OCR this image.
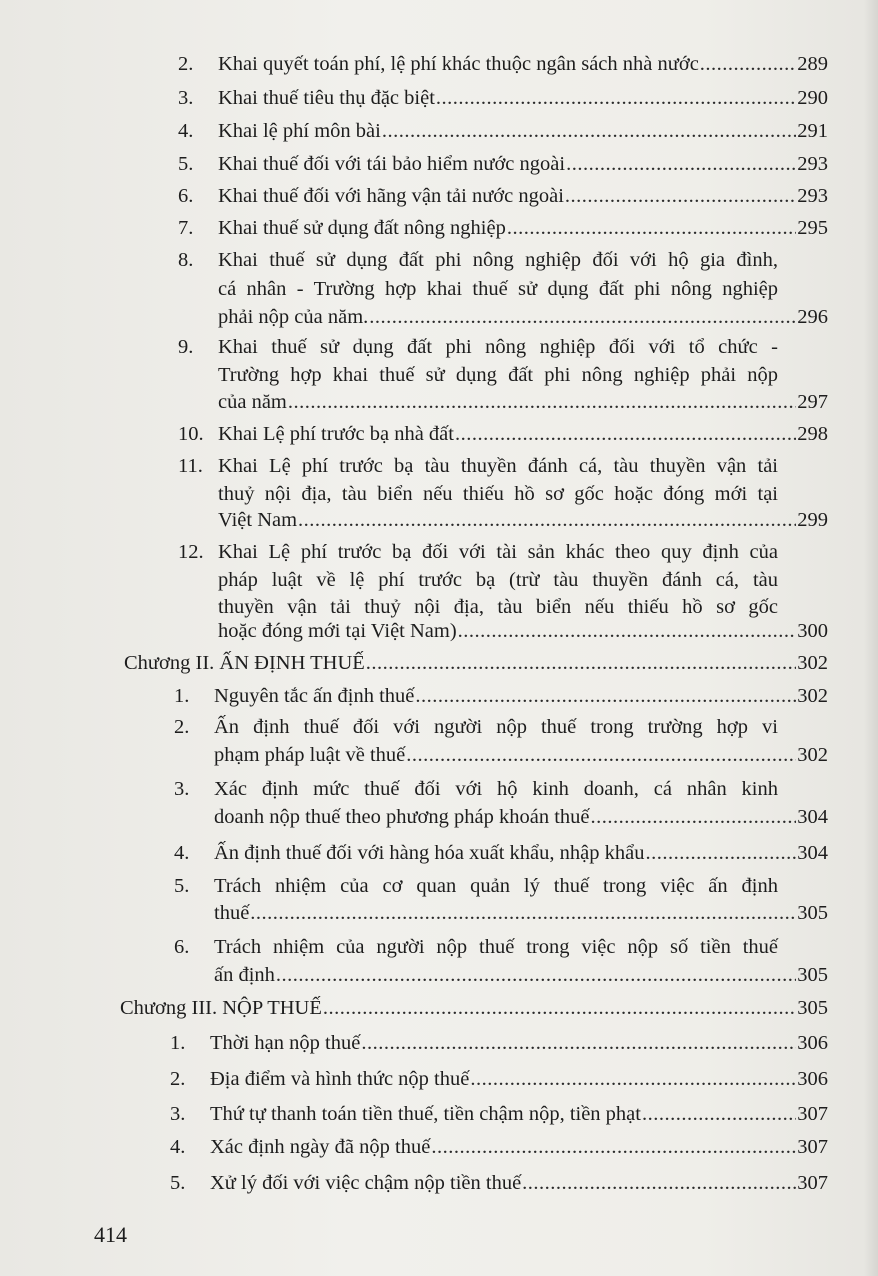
2.	Khai quyết toán phí, lệ phí khác thuộc ngân sách nhà nước .....	289
3.	Khai thuế tiêu thụ đặc biệt .....	290
4.	Khai lệ phí môn bài .....	291
5.	Khai thuế đối với tái bảo hiểm nước ngoài .....	293
6.	Khai thuế đối với hãng vận tải nước ngoài .....	293
7.	Khai thuế sử dụng đất nông nghiệp .....	295
8. Khai thuế sử dụng đất phi nông nghiệp đối với hộ gia đình,
cá nhân - Trường hợp khai thuế sử dụng đất phi nông nghiệp
phải nộp của năm. .....	296
9. Khai thuế sử dụng đất phi nông nghiệp đối với tổ chức -
Trường hợp khai thuế sử dụng đất phi nông nghiệp phải nộp
của năm .....	297
10. Khai Lệ phí trước bạ nhà đất .....	298
11. Khai Lệ phí trước bạ tàu thuyền đánh cá, tàu thuyền vận tải
thuỷ nội địa, tàu biển nếu thiếu hồ sơ gốc hoặc đóng mới tại
Việt Nam .....	299
12. Khai Lệ phí trước bạ đối với tài sản khác theo quy định của
pháp luật về lệ phí trước bạ (trừ tàu thuyền đánh cá, tàu
thuyền vận tải thuỷ nội địa, tàu biển nếu thiếu hồ sơ gốc
hoặc đóng mới tại Việt Nam) .....	300
Chương II. ẤN ĐỊNH THUẾ .....	302
1.	Nguyên tắc ấn định thuế .....	302
2. Ấn định thuế đối với người nộp thuế trong trường hợp vi
phạm pháp luật về thuế .....	302
3. Xác định mức thuế đối với hộ kinh doanh, cá nhân kinh
doanh nộp thuế theo phương pháp khoán thuế .....	304
4.	Ấn định thuế đối với hàng hóa xuất khẩu, nhập khẩu .....	304
5. Trách nhiệm của cơ quan quản lý thuế trong việc ấn định
thuế .....	305
6. Trách nhiệm của người nộp thuế trong việc nộp số tiền thuế
ấn định .....	305
Chương III. NỘP THUẾ .....	305
1.	Thời hạn nộp thuế .....	306
2.	Địa điểm và hình thức nộp thuế .....	306
3.	Thứ tự thanh toán tiền thuế, tiền chậm nộp, tiền phạt .....	307
4.	Xác định ngày đã nộp thuế .....	307
5.	Xử lý đối với việc chậm nộp tiền thuế .....	307
414
